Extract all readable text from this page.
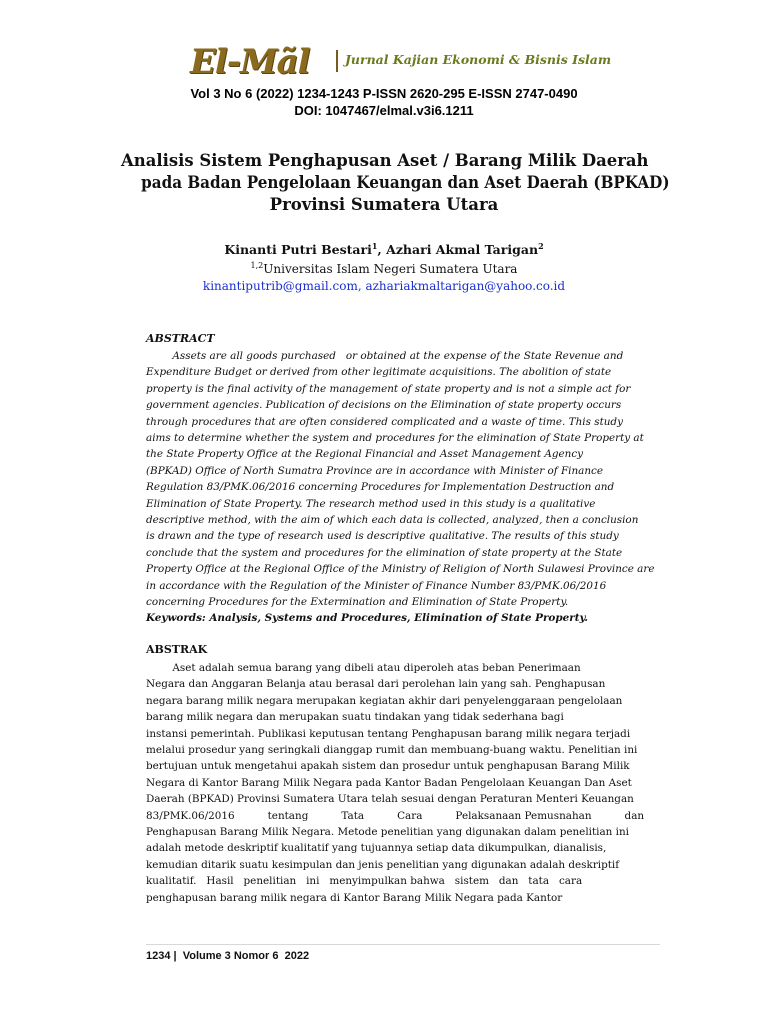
El-Mãl	Jurnal Kajian Ekonomi & Bisnis Islam
Vol 3 No 6 (2022) 1234-1243 P-ISSN 2620-295 E-ISSN 2747-0490
DOI: 1047467/elmal.v3i6.1211
Analisis Sistem Penghapusan Aset / Barang Milik Daerah
pada Badan Pengelolaan Keuangan dan Aset Daerah (BPKAD)
Provinsi Sumatera Utara
Kinanti Putri Bestari$^1$, Azhari Akmal Tarigan$^2$
$^{1,2}$Universitas Islam Negeri Sumatera Utara
kinantiputrib@gmail.com, azhariakmaltarigan@yahoo.co.id
ABSTRACT
Assets are all goods purchased   or obtained at the expense of the State Revenue and
Expenditure Budget or derived from other legitimate acquisitions. The abolition of state
property is the final activity of the management of state property and is not a simple act for
government agencies. Publication of decisions on the Elimination of state property occurs
through procedures that are often considered complicated and a waste of time. This study
aims to determine whether the system and procedures for the elimination of State Property at
the State Property Office at the Regional Financial and Asset Management Agency
(BPKAD) Office of North Sumatra Province are in accordance with Minister of Finance
Regulation 83/PMK.06/2016 concerning Procedures for Implementation Destruction and
Elimination of State Property. The research method used in this study is a qualitative
descriptive method, with the aim of which each data is collected, analyzed, then a conclusion
is drawn and the type of research used is descriptive qualitative. The results of this study
conclude that the system and procedures for the elimination of state property at the State
Property Office at the Regional Office of the Ministry of Religion of North Sulawesi Province are
in accordance with the Regulation of the Minister of Finance Number 83/PMK.06/2016
concerning Procedures for the Extermination and Elimination of State Property.
Keywords: Analysis, Systems and Procedures, Elimination of State Property.
ABSTRAK
Aset adalah semua barang yang dibeli atau diperoleh atas beban Penerimaan
Negara dan Anggaran Belanja atau berasal dari perolehan lain yang sah. Penghapusan
negara barang milik negara merupakan kegiatan akhir dari penyelenggaraan pengelolaan
barang milik negara dan merupakan suatu tindakan yang tidak sederhana bagi
instansi pemerintah. Publikasi keputusan tentang Penghapusan barang milik negara terjadi
melalui prosedur yang seringkali dianggap rumit dan membuang-buang waktu. Penelitian ini
bertujuan untuk mengetahui apakah sistem dan prosedur untuk penghapusan Barang Milik
Negara di Kantor Barang Milik Negara pada Kantor Badan Pengelolaan Keuangan Dan Aset
Daerah (BPKAD) Provinsi Sumatera Utara telah sesuai dengan Peraturan Menteri Keuangan
83/PMK.06/2016          tentang          Tata          Cara          Pelaksanaan Pemusnahan          dan
Penghapusan Barang Milik Negara. Metode penelitian yang digunakan dalam penelitian ini
adalah metode deskriptif kualitatif yang tujuannya setiap data dikumpulkan, dianalisis,
kemudian ditarik suatu kesimpulan dan jenis penelitian yang digunakan adalah deskriptif
kualitatif.   Hasil   penelitian   ini   menyimpulkan bahwa   sistem   dan   tata   cara
penghapusan barang milik negara di Kantor Barang Milik Negara pada Kantor
1234 |  Volume 3 Nomor 6  2022
